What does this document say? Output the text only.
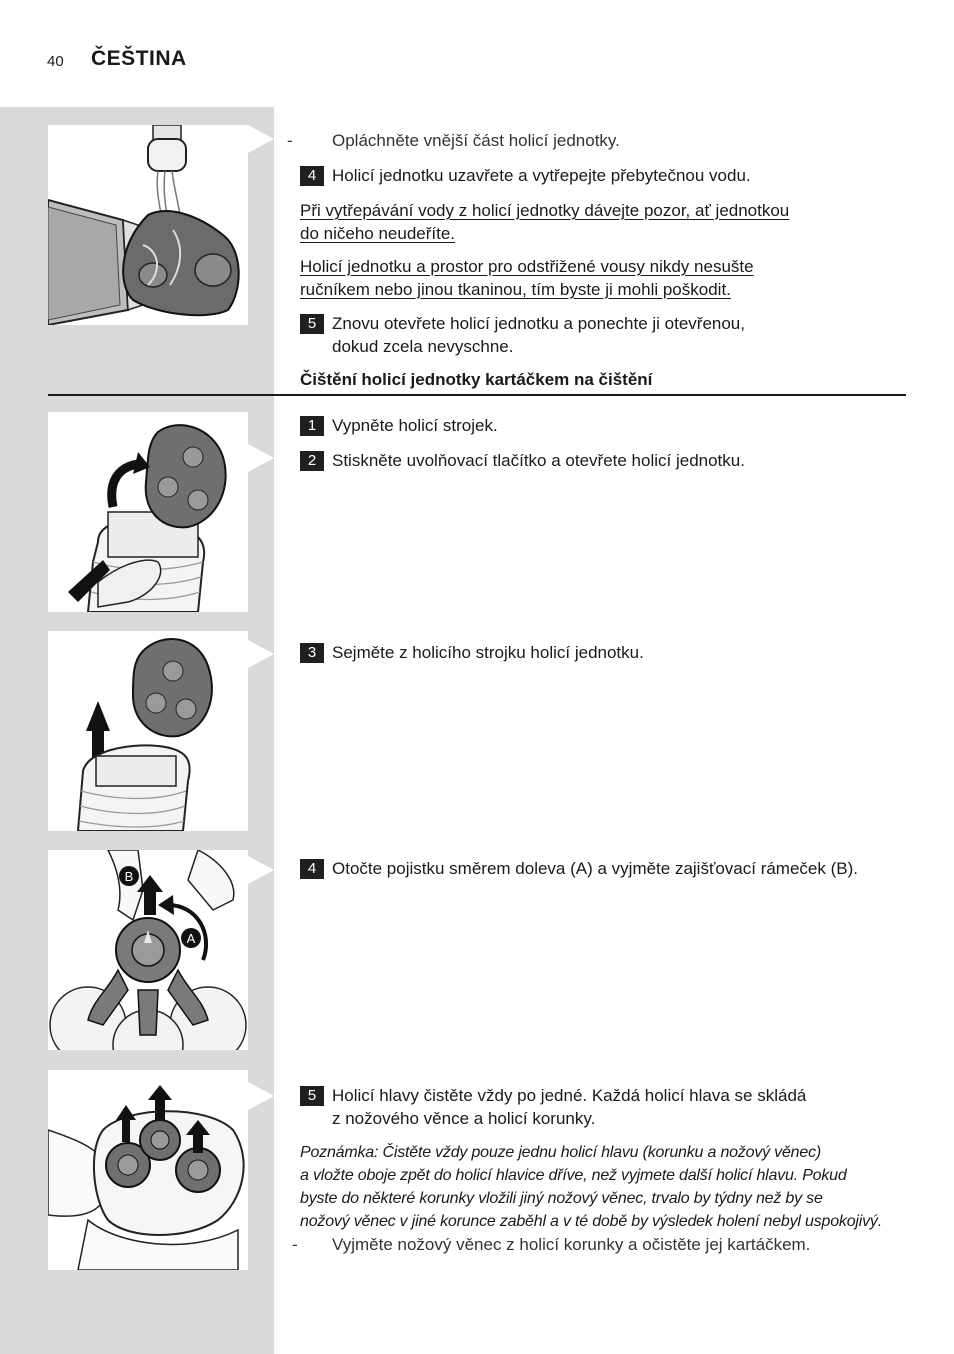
40 ČEŠTINA
- Opláchněte vnější část holicí jednotky.
4 Holicí jednotku uzavřete a vytřepejte přebytečnou vodu.
Při vytřepávání vody z holicí jednotky dávejte pozor, ať jednotkou
do ničeho neudeříte.
Holicí jednotku a prostor pro odstřižené vousy nikdy nesušte
ručníkem nebo jinou tkaninou, tím byste ji mohli poškodit.
5 Znovu otevřete holicí jednotku a ponechte ji otevřenou,
dokud zcela nevyschne.
Čištění holicí jednotky kartáčkem na čištění
1 Vypněte holicí strojek.
2 Stiskněte uvolňovací tlačítko a otevřete holicí jednotku.
3 Sejměte z holicího strojku holicí jednotku.
B
A
4 Otočte pojistku směrem doleva (A) a vyjměte zajišťovací rámeček (B).
5 Holicí hlavy čistěte vždy po jedné. Každá holicí hlava se skládá
z nožového věnce a holicí korunky.
Poznámka: Čistěte vždy pouze jednu holicí hlavu (korunku a nožový věnec)
a vložte oboje zpět do holicí hlavice dříve, než vyjmete další holicí hlavu. Pokud
byste do některé korunky vložili jiný nožový věnec, trvalo by týdny než by se
nožový věnec v jiné korunce zaběhl a v té době by výsledek holení nebyl uspokojivý.
- Vyjměte nožový věnec z holicí korunky a očistěte jej kartáčkem.
